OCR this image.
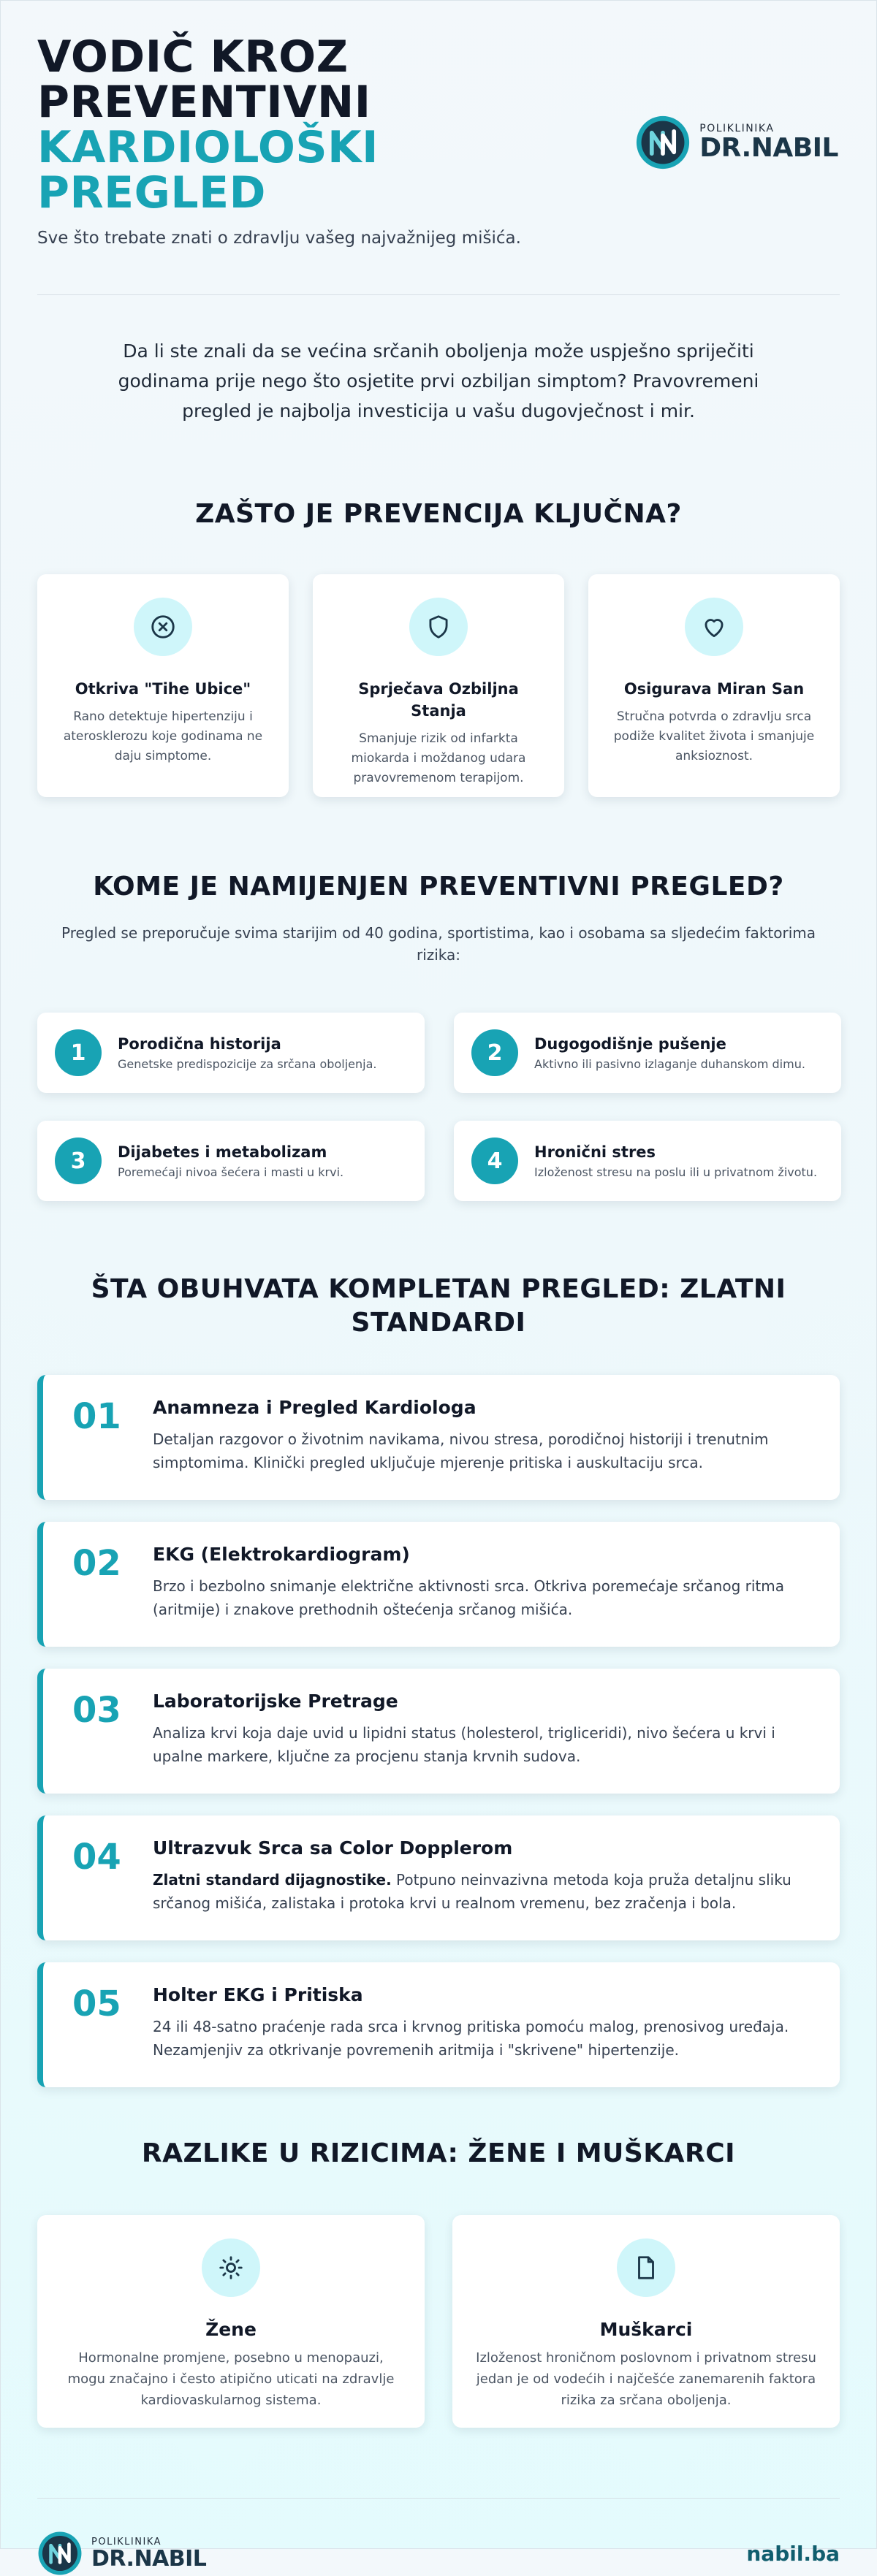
VODIČ KROZ
PREVENTIVNI
KARDIOLOŠKI
PREGLED

Sve što trebate znati o zdravlju vašeg najvažnijeg mišića.

POLIKLINIKA
DR.NABIL

Da li ste znali da se većina srčanih oboljenja može uspješno spriječiti godinama prije nego što osjetite prvi ozbiljan simptom? Pravovremeni pregled je najbolja investicija u vašu dugovječnost i mir.

ZAŠTO JE PREVENCIJA KLJUČNA?
Otkriva "Tihe Ubice"

Rano detektuje hipertenziju i aterosklerozu koje godinama ne daju simptome.

Sprječava Ozbiljna Stanja

Smanjuje rizik od infarkta miokarda i moždanog udara pravovremenom terapijom.

Osigurava Miran San

Stručna potvrda o zdravlju srca podiže kvalitet života i smanjuje anksioznost.

KOME JE NAMIJENJEN PREVENTIVNI PREGLED?

Pregled se preporučuje svima starijim od 40 godina, sportistima, kao i osobama sa sljedećim faktorima rizika:

1	Porodična historija

Genetske predispozicije za srčana oboljenja.	2	Dugogodišnje pušenje

Aktivno ili pasivno izlaganje duhanskom dimu.

3	Dijabetes i metabolizam

Poremećaji nivoa šećera i masti u krvi.	4	Hronični stres

Izloženost stresu na poslu ili u privatnom životu.

ŠTA OBUHVATA KOMPLETAN PREGLED: ZLATNI STANDARDI
01	Anamneza i Pregled Kardiologa

Detaljan razgovor o životnim navikama, nivou stresa, porodičnoj historiji i trenutnim simptomima. Klinički pregled uključuje mjerenje pritiska i auskultaciju srca.

02	EKG (Elektrokardiogram)

Brzo i bezbolno snimanje električne aktivnosti srca. Otkriva poremećaje srčanog ritma (aritmije) i znakove prethodnih oštećenja srčanog mišića.

03	Laboratorijske Pretrage

Analiza krvi koja daje uvid u lipidni status (holesterol, trigliceridi), nivo šećera u krvi i upalne markere, ključne za procjenu stanja krvnih sudova.

04	Ultrazvuk Srca sa Color Dopplerom

Zlatni standard dijagnostike. Potpuno neinvazivna metoda koja pruža detaljnu sliku srčanog mišića, zalistaka i protoka krvi u realnom vremenu, bez zračenja i bola.

05	Holter EKG i Pritiska

24 ili 48-satno praćenje rada srca i krvnog pritiska pomoću malog, prenosivog uređaja. Nezamjenjiv za otkrivanje povremenih aritmija i "skrivene" hipertenzije.

RAZLIKE U RIZICIMA: ŽENE I MUŠKARCI
Žene

Hormonalne promjene, posebno u menopauzi, mogu značajno i često atipično uticati na zdravlje kardiovaskularnog sistema.

Muškarci

Izloženost hroničnom poslovnom i privatnom stresu jedan je od vodećih i najčešće zanemarenih faktora rizika za srčana oboljenja.

POLIKLINIKA
DR.NABIL	nabil.ba
